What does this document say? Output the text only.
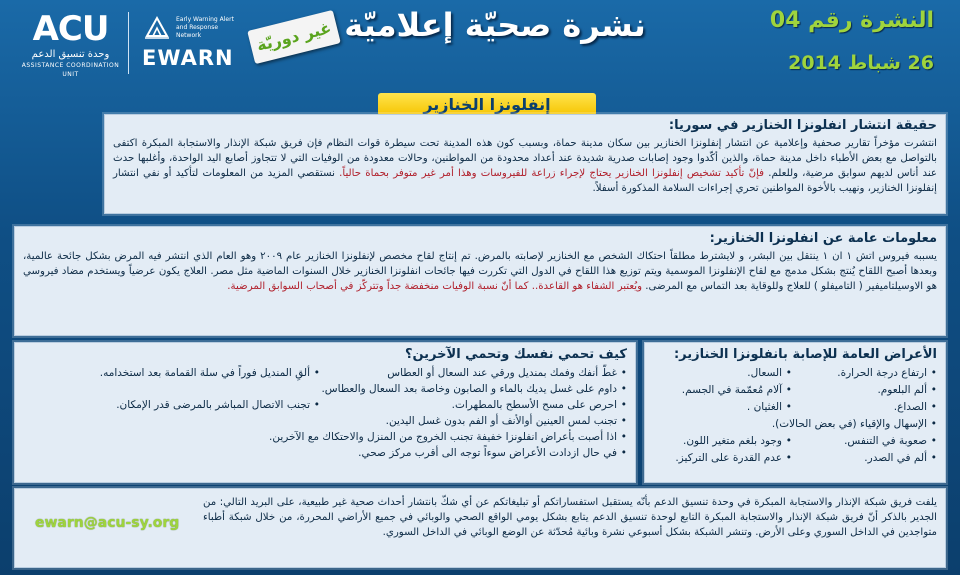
ACU
وحدة تنسيق الدعم
ASSISTANCE COORDINATION UNIT
Early Warning Alert and Response Network
EWARN
غير دوريّة نشرة صحيّة إعلاميّة	النشرة رقم 04
26 شباط 2014
إنفلونزا الخنازير
حقيقة انتشار انفلونزا الخنازير في سوريا:

انتشرت مؤخراً تقارير صحفية وإعلامية عن انتشار إنفلونزا الخنازير بين سكان مدينة حماة، وبسبب كون هذه المدينة تحت سيطرة قوات النظام فإن فريق شبكة الإنذار والاستجابة المبكرة اكتفى بالتواصل مع بعض الأطباء داخل مدينة حماة، والذين أكّدوا وجود إصابات صدرية شديدة عند أعداد محدودة من المواطنين، وحالات معدودة من الوفيات التي لا تتجاوز أصابع اليد الواحدة، وأغلبها حدث عند أناس لديهم سوابق مرضية، وللعلم. فإنّ تأكيد تشخيص إنفلونزا الخنازير يحتاج لإجراء زراعة للفيروسات وهذا أمر غير متوفر بحماة حالياً. نستقصي المزيد من المعلومات لتأكيد أو نفي انتشار إنفلونزا الخنازير، ونهيب بالأخوة المواطنين تحري إجراءات السلامة المذكورة أسفلاً.

معلومات عامة عن انفلونزا الخنازير:

يسببه فيروس اتش ١ ان ١ ينتقل بين البشر، و لايشترط مطلقاً احتكاك الشخص مع الخنازير لإصابته بالمرض. تم إنتاج لقاح مخصص لإنفلونزا الخنازير عام ٢٠٠٩ وهو العام الذي انتشر فيه المرض بشكل جائحة عالمية، وبعدها أصبح اللقاح يُنتج بشكل مدمج مع لقاح الإنفلونزا الموسمية ويتم توزيع هذا اللقاح في الدول التي تكررت فيها جائحات انفلونزا الخنازير خلال السنوات الماضية مثل مصر. العلاج يكون عرضياً ويستخدم مضاد فيروسي هو الاوسيلتاميفير ( التاميفلو ) للعلاج وللوقاية بعد التماس مع المرضى. ويُعتبر الشفاء هو القاعدة.. كما أنّ نسبة الوفيات منخفضة جداً وتتركّز في أصحاب السوابق المرضية.

الأعراض العامة للإصابة بانفلونزا الخنازير:
• ارتفاع درجة الحرارة.
• السعال.
• ألم البلعوم.
• آلام مُعمّمة في الجسم.
• الصداع.
• الغثيان .
• الإسهال والإقياء (في بعض الحالات).
• صعوبة في التنفس.
• وجود بلغم متغير اللون.
• ألم في الصدر.
• عدم القدرة على التركيز.
كيف تحمي نفسك وتحمي الآخرين؟
• غطّ أنفك وفمك بمنديل ورقي عند السعال أو العطاس
• ألقِ المنديل فوراً في سلة القمامة بعد استخدامه.
• داوم على غسل يديك بالماء و الصابون وخاصة بعد السعال والعطاس.
• احرص على مسح الأسطح بالمطهرات.
• تجنب الاتصال المباشر بالمرضى قدر الإمكان.
• تجنب لمس العينين أوالأنف أو الفم بدون غسل اليدين.
• اذا أصبت بأعراض انفلونزا خفيفة تجنب الخروج من المنزل والاحتكاك مع الآخرين.
• في حال ازدادت الأعراض سوءاً توجه الى أقرب مركز صحي.

يلفت فريق شبكة الإنذار والاستجابة المبكرة في وحدة تنسيق الدعم بأنّه يستقبل استفساراتكم أو تبليغاتكم عن أي شكّ بانتشار أحداث صحية غير طبيعية، على البريد التالي: من الجدير بالذكر أنّ فريق شبكة الإنذار والاستجابة المبكرة التابع لوحدة تنسيق الدعم يتابع بشكل يومي الواقع الصحي والوبائي في جميع الأراضي المحررة، من خلال شبكة أطباء متواجدين في الداخل السوري وعلى الأرض. وتنشر الشبكة بشكل أسبوعي نشرة وبائية مُحدّثة عن الوضع الوبائي في الداخل السوري.

ewarn@acu-sy.org
